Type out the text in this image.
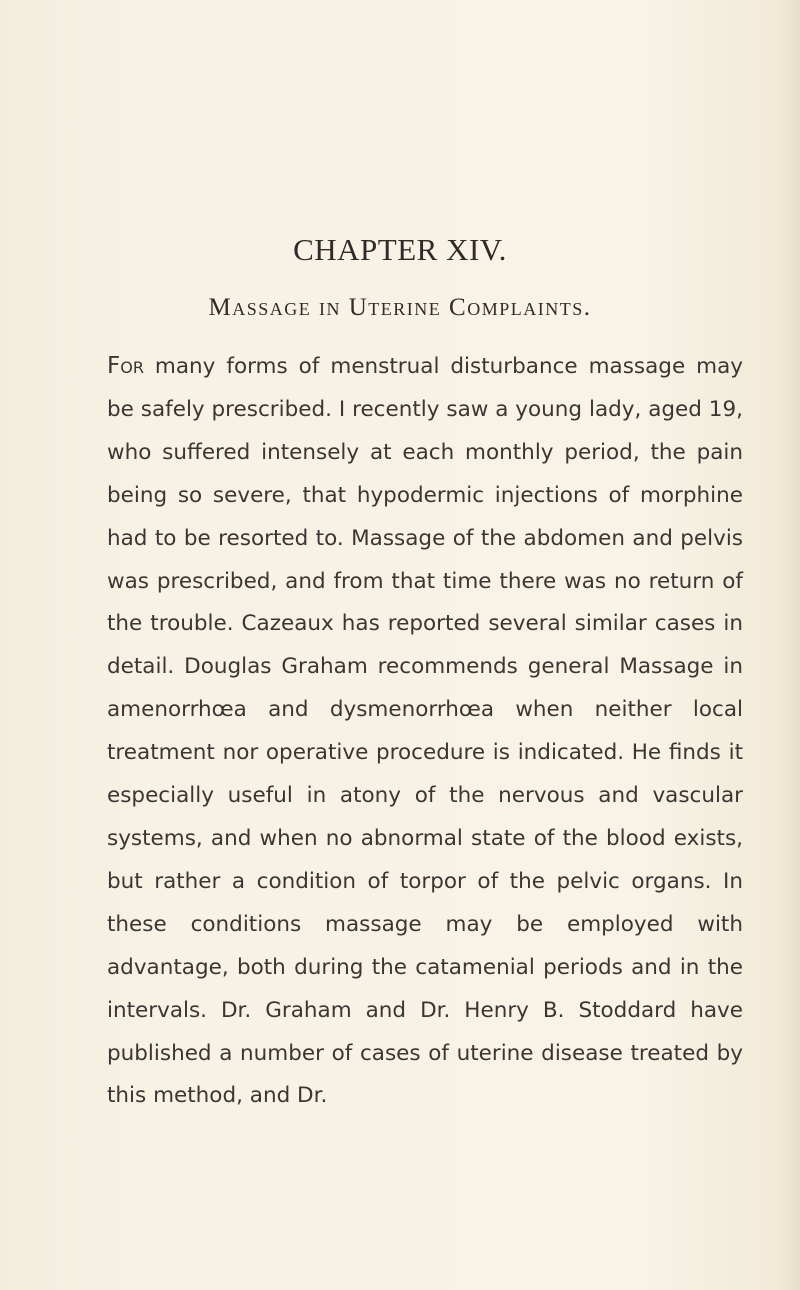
CHAPTER XIV.
Massage in Uterine Complaints.

For many forms of menstrual disturbance massage may be safely prescribed. I recently saw a young lady, aged 19, who suffered intensely at each monthly period, the pain being so severe, that hypodermic injections of morphine had to be resorted to. Massage of the abdomen and pelvis was prescribed, and from that time there was no return of the trouble. Cazeaux has reported several similar cases in detail. Douglas Graham recommends general Massage in amenorrhœa and dysmenorrhœa when neither local treatment nor operative procedure is indicated. He finds it especially useful in atony of the nervous and vascular systems, and when no abnormal state of the blood exists, but rather a condition of torpor of the pelvic organs. In these conditions massage may be employed with advantage, both during the catamenial periods and in the intervals. Dr. Graham and Dr. Henry B. Stoddard have published a number of cases of uterine disease treated by this method, and Dr.
